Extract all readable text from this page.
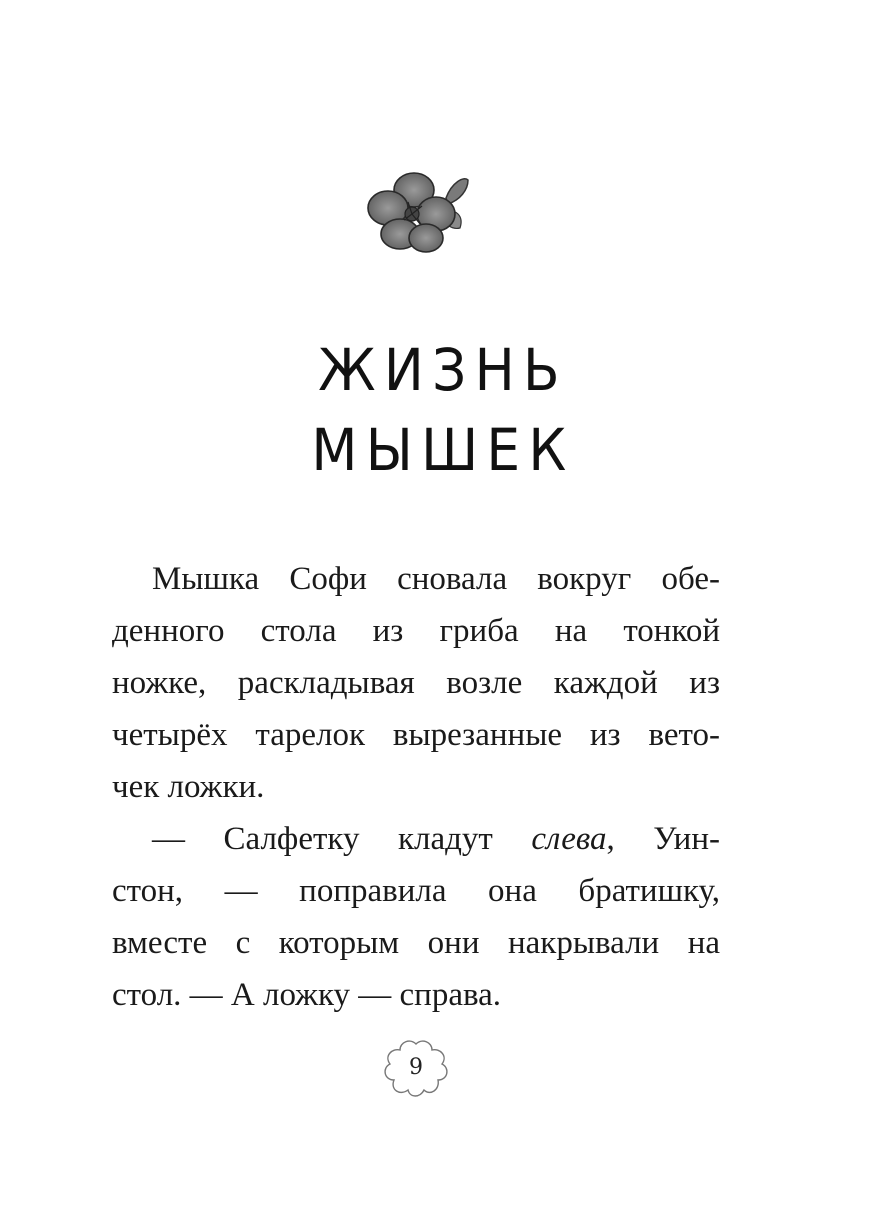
ЖИЗНЬ
МЫШЕК

Мышка Софи сновала вокруг обе-
денного стола из гриба на тонкой
ножке, раскладывая возле каждой из
четырёх тарелок вырезанные из вето-
чек ложки.

— Салфетку кладут слева, Уин-
стон, — поправила она братишку,
вместе с которым они накрывали на
стол. — А ложку — справа.

9
